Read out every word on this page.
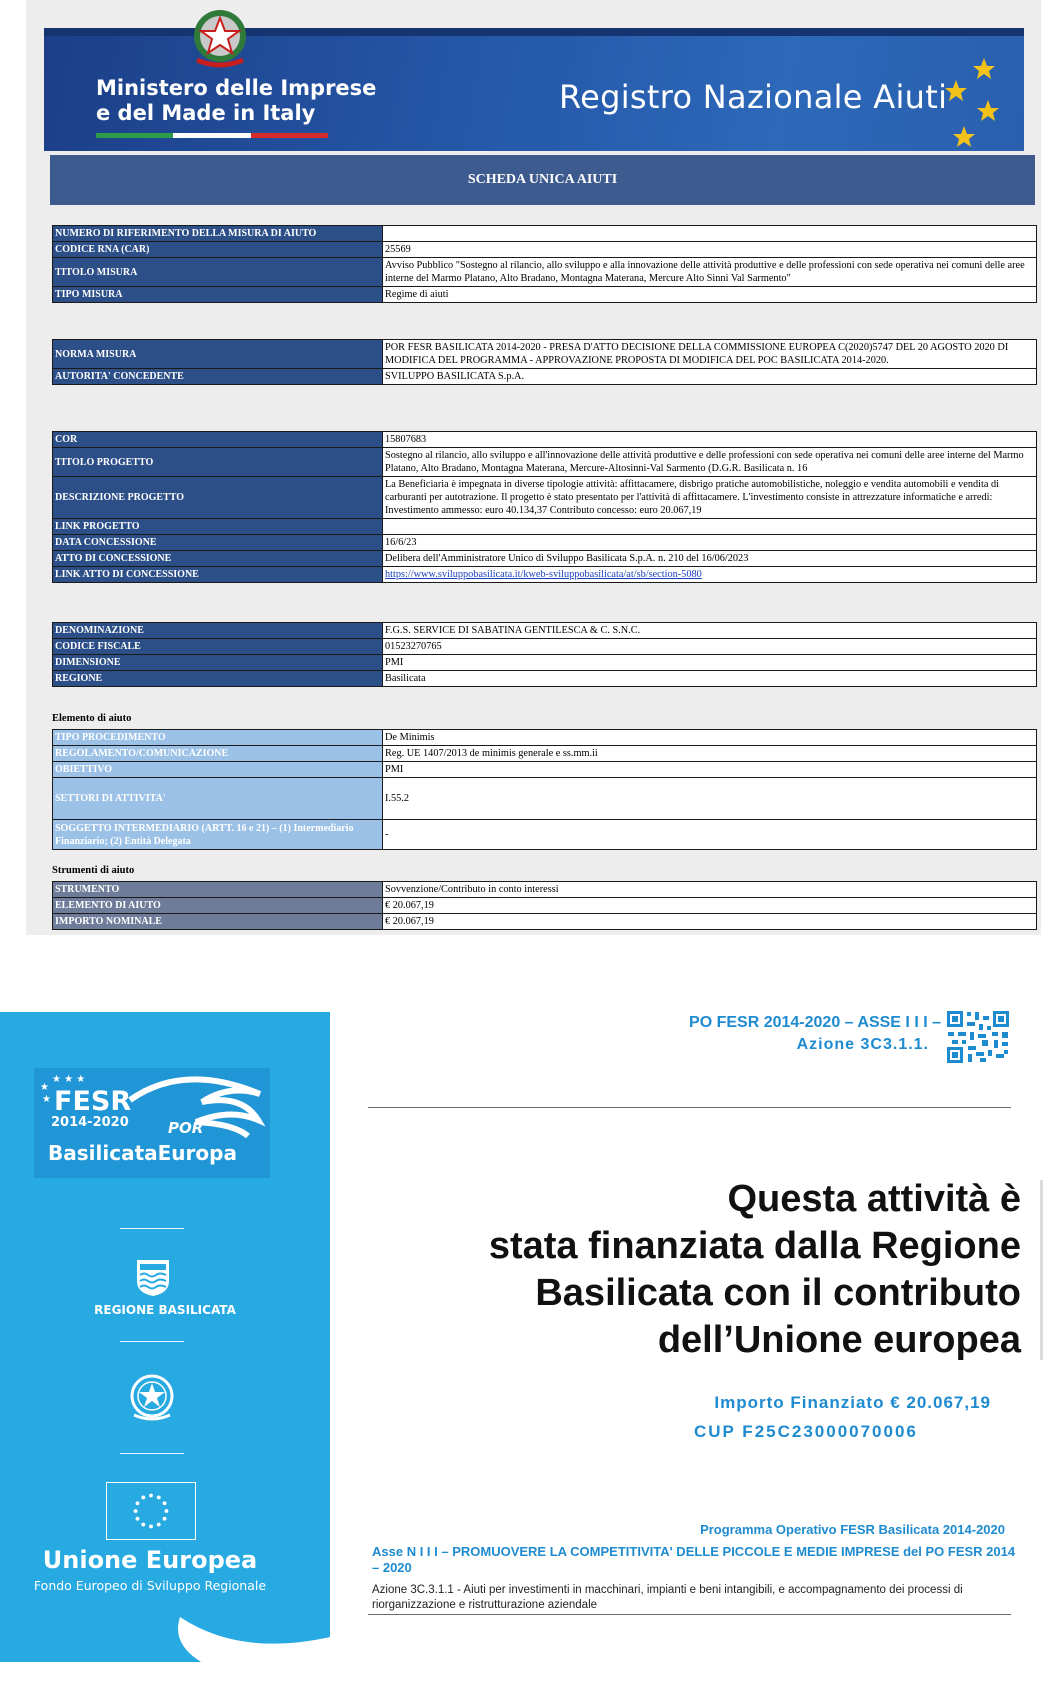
Ministero delle Imprese
e del Made in Italy	Registro Nazionale Aiuti
SCHEDA UNICA AIUTI
NUMERO DI RIFERIMENTO DELLA MISURA DI AIUTO	
CODICE RNA (CAR)	25569
TITOLO MISURA	Avviso Pubblico "Sostegno al rilancio, allo sviluppo e alla innovazione delle attività produttive e delle professioni con sede operativa nei comuni delle aree interne del Marmo Platano, Alto Bradano, Montagna Materana, Mercure Alto Sinni Val Sarmento"
TIPO MISURA	Regime di aiuti
NORMA MISURA	POR FESR BASILICATA 2014-2020 - PRESA D'ATTO DECISIONE DELLA COMMISSIONE EUROPEA C(2020)5747 DEL 20 AGOSTO 2020 DI MODIFICA DEL PROGRAMMA - APPROVAZIONE PROPOSTA DI MODIFICA DEL POC BASILICATA 2014-2020.
AUTORITA' CONCEDENTE	SVILUPPO BASILICATA S.p.A.
COR	15807683
TITOLO PROGETTO	Sostegno al rilancio, allo sviluppo e all'innovazione delle attività produttive e delle professioni con sede operativa nei comuni delle aree interne del Marmo Platano, Alto Bradano, Montagna Materana, Mercure-Altosinni-Val Sarmento (D.G.R. Basilicata n. 16
DESCRIZIONE PROGETTO	La Beneficiaria è impegnata in diverse tipologie attività: affittacamere, disbrigo pratiche automobilistiche, noleggio e vendita automobili e vendita di carburanti per autotrazione. Il progetto è stato presentato per l'attività di affittacamere. L'investimento consiste in attrezzature informatiche e arredi: Investimento ammesso: euro 40.134,37 Contributo concesso: euro 20.067,19
LINK PROGETTO	
DATA CONCESSIONE	16/6/23
ATTO DI CONCESSIONE	Delibera dell'Amministratore Unico di Sviluppo Basilicata S.p.A. n. 210 del 16/06/2023
LINK ATTO DI CONCESSIONE	https://www.sviluppobasilicata.it/kweb-sviluppobasilicata/at/sb/section-5080
DENOMINAZIONE	F.G.S. SERVICE DI SABATINA GENTILESCA & C. S.N.C.
CODICE FISCALE	01523270765
DIMENSIONE	PMI
REGIONE	Basilicata
Elemento di aiuto
TIPO PROCEDIMENTO	De Minimis
REGOLAMENTO/COMUNICAZIONE	Reg. UE 1407/2013 de minimis generale e ss.mm.ii
OBIETTIVO	PMI
SETTORI DI ATTIVITA'	I.55.2
SOGGETTO INTERMEDIARIO (ARTT. 16 e 21) – (1) Intermediario Finanziario; (2) Entità Delegata	-
Strumenti di aiuto
STRUMENTO	Sovvenzione/Contributo in conto interessi
ELEMENTO DI AIUTO	€ 20.067,19
IMPORTO NOMINALE	€ 20.067,19
★ ★ ★
★
★ FESR
2014-2020	POR
BasilicataEuropa
REGIONE BASILICATA
Unione Europea
Fondo Europeo di Sviluppo Regionale
PO FESR 2014-2020 – ASSE I I I –
Azione 3C3.1.1.
Questa attività è
stata finanziata dalla Regione
Basilicata con il contributo
dell’Unione europea
Importo Finanziato € 20.067,19
CUP F25C23000070006
Programma Operativo FESR Basilicata 2014-2020
Asse N I I I – PROMUOVERE LA COMPETITIVITA' DELLE PICCOLE E MEDIE IMPRESE del PO FESR 2014 – 2020
Azione 3C.3.1.1 - Aiuti per investimenti in macchinari, impianti e beni intangibili, e accompagnamento dei processi di riorganizzazione e ristrutturazione aziendale
